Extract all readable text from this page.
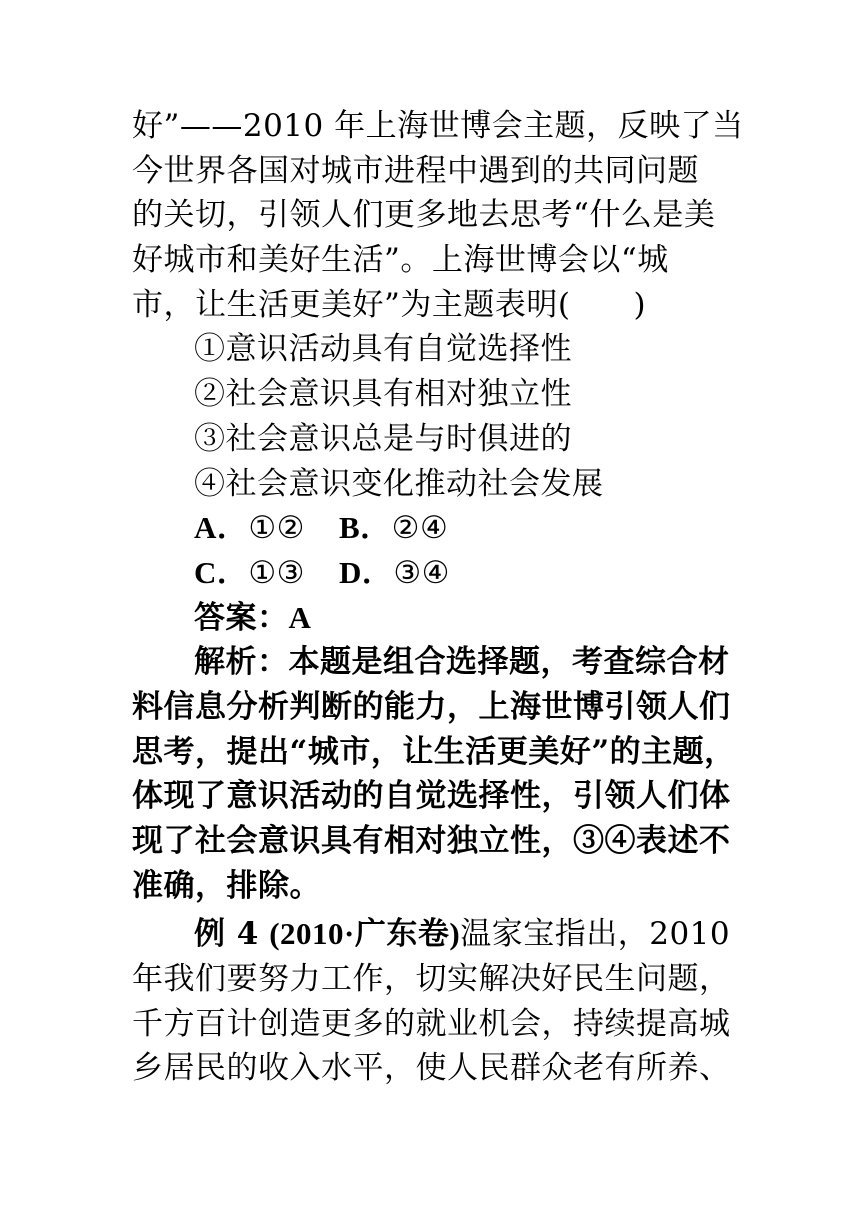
好”——2010 年上海世博会主题，反映了当
今世界各国对城市进程中遇到的共同问题
的关切，引领人们更多地去思考“什么是美
好城市和美好生活”。上海世博会以“城
市，让生活更美好”为主题表明(　　)
①意识活动具有自觉选择性
②社会意识具有相对独立性
③社会意识总是与时俱进的
④社会意识变化推动社会发展
A．①② B．②④
C．①③ D．③④
答案：A
解析：本题是组合选择题，考查综合材
料信息分析判断的能力，上海世博引领人们
思考，提出“城市，让生活更美好”的主题，
体现了意识活动的自觉选择性，引领人们体
现了社会意识具有相对独立性，③④表述不
准确，排除。
例 4 (2010·广东卷)温家宝指出，2010
年我们要努力工作，切实解决好民生问题，
千方百计创造更多的就业机会，持续提高城
乡居民的收入水平，使人民群众老有所养、
